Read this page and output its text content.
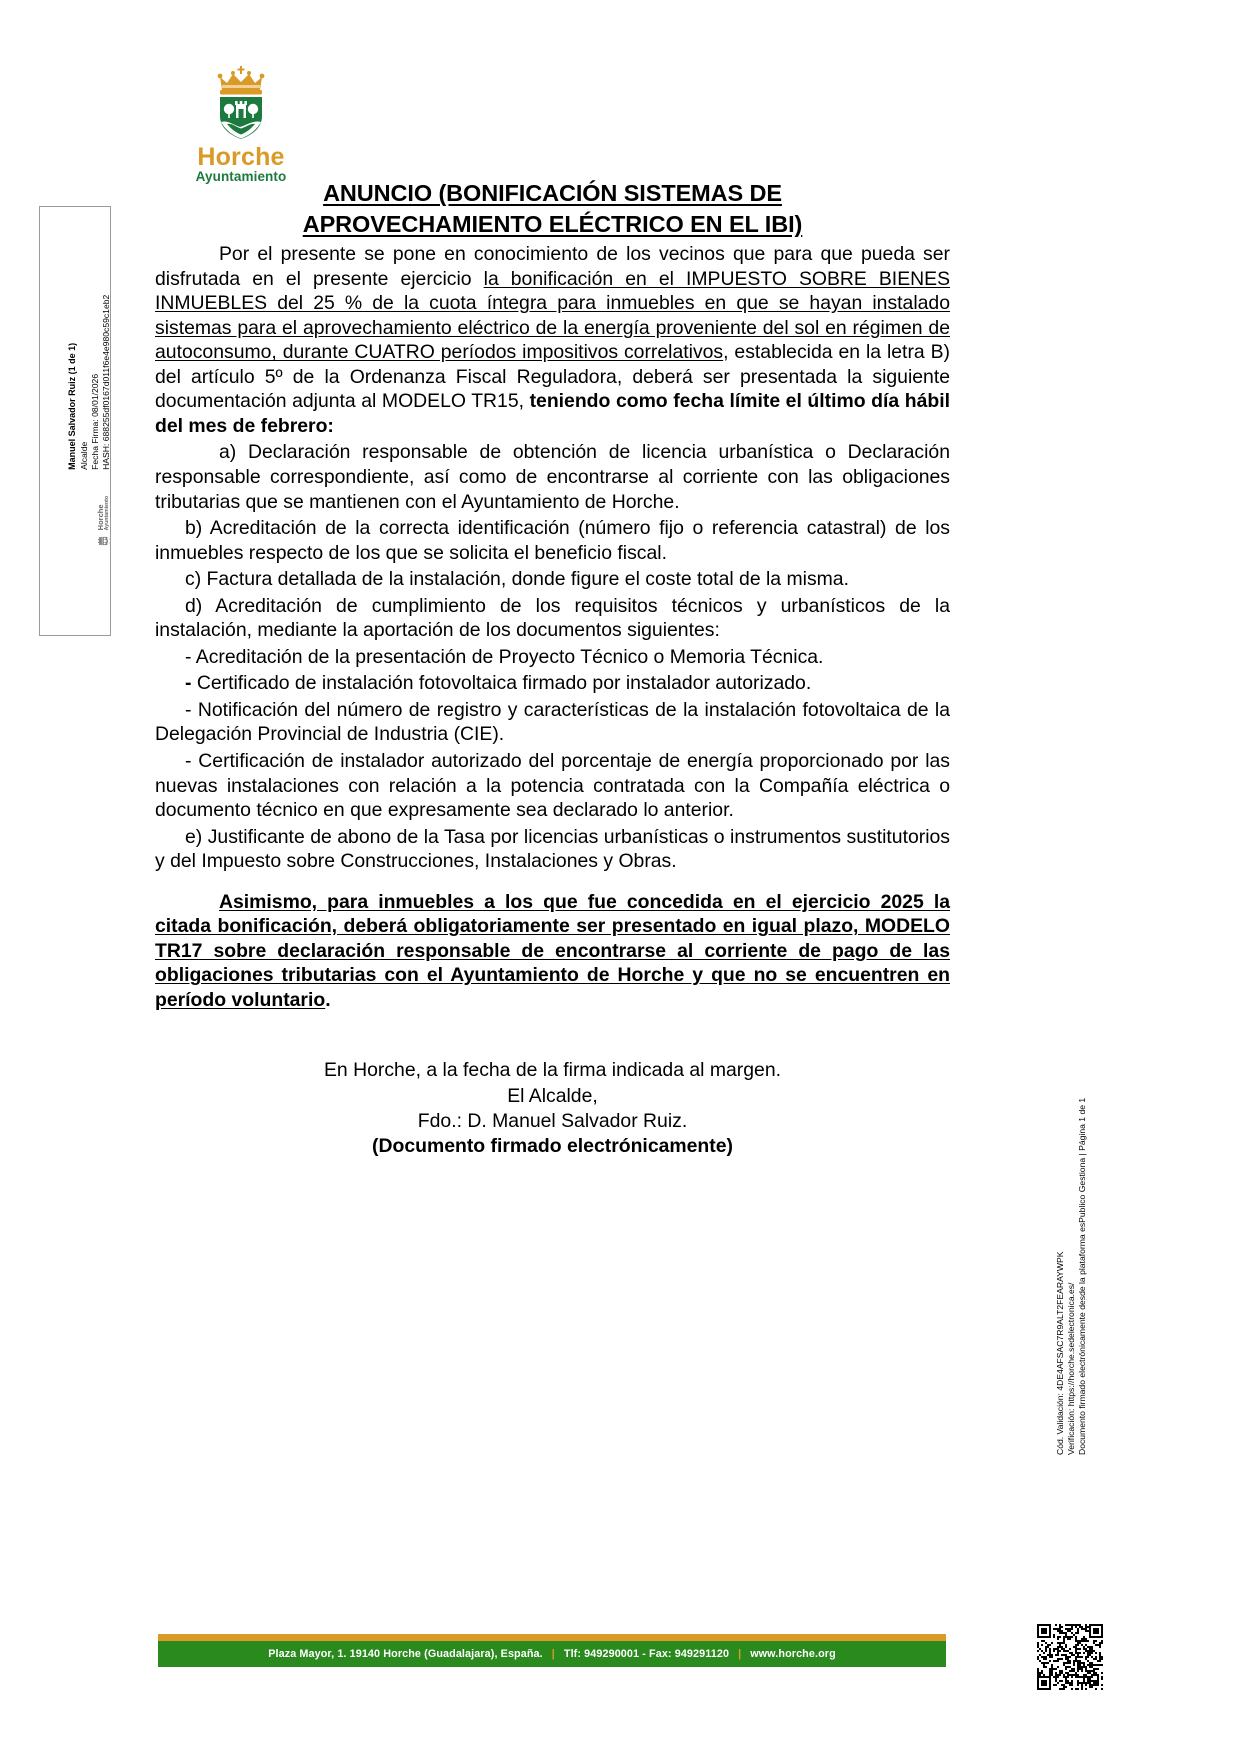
Horche
Ayuntamiento
Horche
Ayuntamiento
Manuel Salvador Ruiz (1 de 1) Alcalde Fecha Firma: 08/01/2026 HASH: 688255df0167d011f6e4e980c59c1eb2
Cód. Validación: 4DE4AFSAC7R9ALT2FEARAYWPK Verificación: https://horche.sedelectronica.es/ Documento firmado electrónicamente desde la plataforma esPublico Gestiona | Página 1 de 1
ANUNCIO (BONIFICACIÓN SISTEMAS DE
APROVECHAMIENTO ELÉCTRICO EN EL IBI)

Por el presente se pone en conocimiento de los vecinos que para que pueda ser disfrutada en el presente ejercicio la bonificación en el IMPUESTO SOBRE BIENES INMUEBLES del 25 % de la cuota íntegra para inmuebles en que se hayan instalado sistemas para el aprovechamiento eléctrico de la energía proveniente del sol en régimen de autoconsumo, durante CUATRO períodos impositivos correlativos, establecida en la letra B) del artículo 5º de la Ordenanza Fiscal Reguladora, deberá ser presentada la siguiente documentación adjunta al MODELO TR15, teniendo como fecha límite el último día hábil del mes de febrero:

a) Declaración responsable de obtención de licencia urbanística o Declaración responsable correspondiente, así como de encontrarse al corriente con las obligaciones tributarias que se mantienen con el Ayuntamiento de Horche.

b) Acreditación de la correcta identificación (número fijo o referencia catastral) de los inmuebles respecto de los que se solicita el beneficio fiscal.

c) Factura detallada de la instalación, donde figure el coste total de la misma.

d) Acreditación de cumplimiento de los requisitos técnicos y urbanísticos de la instalación, mediante la aportación de los documentos siguientes:

- Acreditación de la presentación de Proyecto Técnico o Memoria Técnica.

- Certificado de instalación fotovoltaica firmado por instalador autorizado.

- Notificación del número de registro y características de la instalación fotovoltaica de la Delegación Provincial de Industria (CIE).

- Certificación de instalador autorizado del porcentaje de energía proporcionado por las nuevas instalaciones con relación a la potencia contratada con la Compañía eléctrica o documento técnico en que expresamente sea declarado lo anterior.

e) Justificante de abono de la Tasa por licencias urbanísticas o instrumentos sustitutorios y del Impuesto sobre Construcciones, Instalaciones y Obras.

Asimismo, para inmuebles a los que fue concedida en el ejercicio 2025 la citada bonificación, deberá obligatoriamente ser presentado en igual plazo, MODELO TR17 sobre declaración responsable de encontrarse al corriente de pago de las obligaciones tributarias con el Ayuntamiento de Horche y que no se encuentren en período voluntario.

En Horche, a la fecha de la firma indicada al margen.
El Alcalde,
Fdo.: D. Manuel Salvador Ruiz.
(Documento firmado electrónicamente)
Plaza Mayor, 1. 19140 Horche (Guadalajara), España. | Tlf: 949290001 - Fax: 949291120 | www.horche.org
